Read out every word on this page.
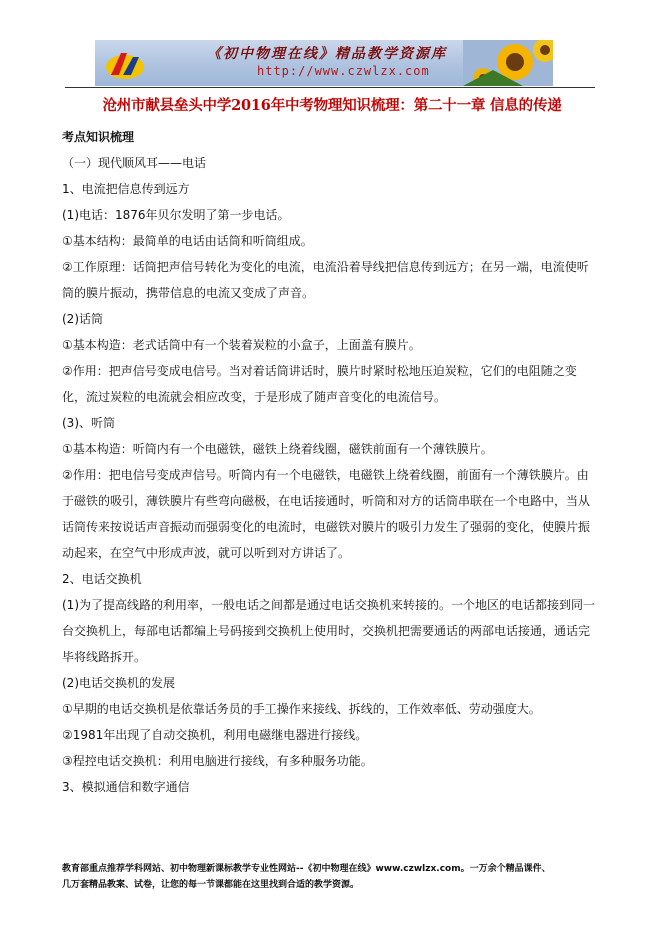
《初中物理在线》精品教学资源库
http://www.czwlzx.com
沧州市献县垒头中学2016年中考物理知识梳理：第二十一章 信息的传递
考点知识梳理
（一）现代顺风耳——电话
1、电流把信息传到远方
(1)电话：1876年贝尔发明了第一步电话。
①基本结构：最简单的电话由话筒和听筒组成。
②工作原理：话筒把声信号转化为变化的电流，电流沿着导线把信息传到远方；在另一端，电流使听筒的膜片振动，携带信息的电流又变成了声音。
(2)话筒
①基本构造：老式话筒中有一个装着炭粒的小盒子，上面盖有膜片。
②作用：把声信号变成电信号。当对着话筒讲话时，膜片时紧时松地压迫炭粒，它们的电阻随之变化，流过炭粒的电流就会相应改变，于是形成了随声音变化的电流信号。
(3)、听筒
①基本构造：听筒内有一个电磁铁，磁铁上绕着线圈，磁铁前面有一个薄铁膜片。
②作用：把电信号变成声信号。听筒内有一个电磁铁，电磁铁上绕着线圈，前面有一个薄铁膜片。由于磁铁的吸引，薄铁膜片有些弯向磁极，在电话接通时，听筒和对方的话筒串联在一个电路中，当从话筒传来按说话声音振动而强弱变化的电流时，电磁铁对膜片的吸引力发生了强弱的变化，使膜片振动起来，在空气中形成声波，就可以听到对方讲话了。
2、电话交换机
(1)为了提高线路的利用率，一般电话之间都是通过电话交换机来转接的。一个地区的电话都接到同一台交换机上，每部电话都编上号码接到交换机上使用时，交换机把需要通话的两部电话接通，通话完毕将线路拆开。
(2)电话交换机的发展
①早期的电话交换机是依靠话务员的手工操作来接线、拆线的，工作效率低、劳动强度大。
②1981年出现了自动交换机，利用电磁继电器进行接线。
③程控电话交换机：利用电脑进行接线，有多种服务功能。
3、模拟通信和数字通信
教育部重点推荐学科网站、初中物理新课标教学专业性网站--《初中物理在线》www.czwlzx.com。一万余个精品课件、
几万套精品教案、试卷，让您的每一节课都能在这里找到合适的教学资源。
